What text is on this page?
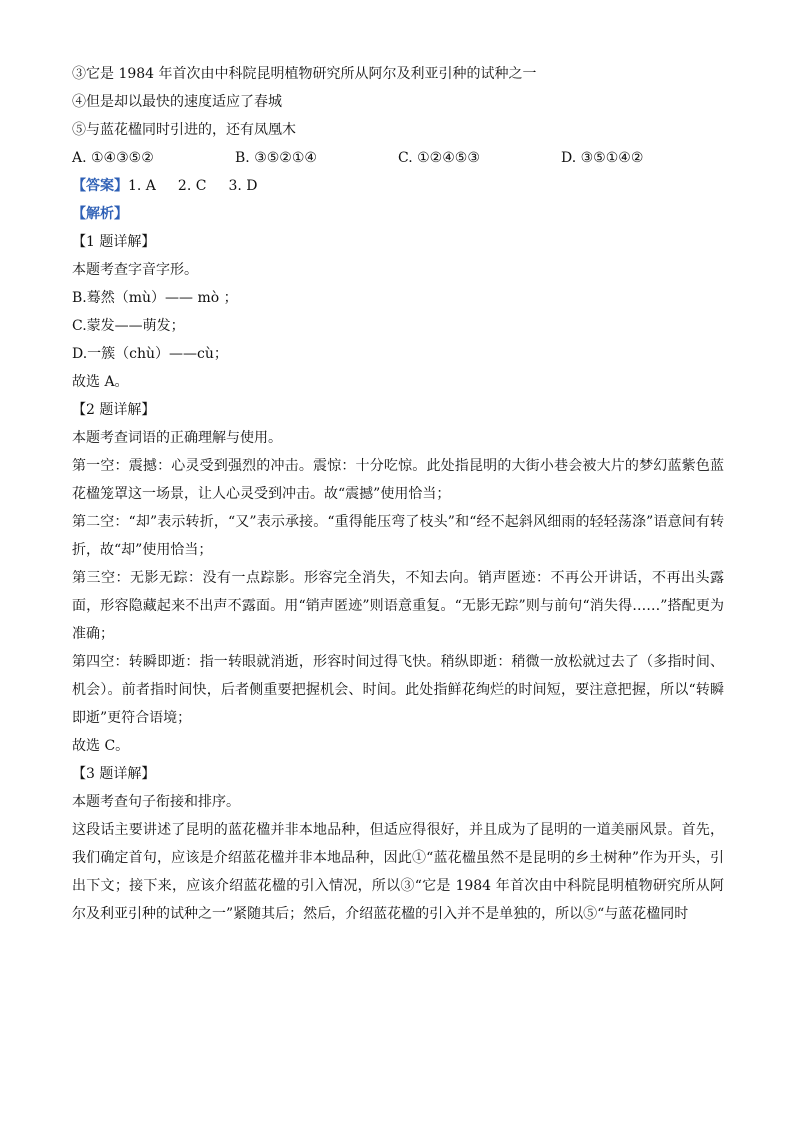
③它是 1984 年首次由中科院昆明植物研究所从阿尔及利亚引种的试种之一
④但是却以最快的速度适应了春城
⑤与蓝花楹同时引进的，还有凤凰木
A. ①④③⑤②	B. ③⑤②①④	C. ①②④⑤③	D. ③⑤①④②
【答案】1. A 2. C 3. D
【解析】
【1 题详解】
本题考查字音字形。
B.蓦然（mù）—— mò ；
C.蒙发——萌发；
D.一簇（chù）——cù；
故选 A。
【2 题详解】
本题考查词语的正确理解与使用。
第一空：震撼：心灵受到强烈的冲击。震惊：十分吃惊。此处指昆明的大街小巷会被大片的梦幻蓝紫色蓝花楹笼罩这一场景，让人心灵受到冲击。故“震撼”使用恰当；
第二空：“却”表示转折，“又”表示承接。“重得能压弯了枝头”和“经不起斜风细雨的轻轻荡涤”语意间有转折，故“却”使用恰当；
第三空：无影无踪：没有一点踪影。形容完全消失，不知去向。销声匿迹：不再公开讲话，不再出头露面，形容隐藏起来不出声不露面。用“销声匿迹”则语意重复。“无影无踪”则与前句“消失得……”搭配更为准确；
第四空：转瞬即逝：指一转眼就消逝，形容时间过得飞快。稍纵即逝：稍微一放松就过去了（多指时间、机会）。前者指时间快，后者侧重要把握机会、时间。此处指鲜花绚烂的时间短，要注意把握，所以“转瞬即逝”更符合语境；
故选 C。
【3 题详解】
本题考查句子衔接和排序。
这段话主要讲述了昆明的蓝花楹并非本地品种，但适应得很好，并且成为了昆明的一道美丽风景。首先，我们确定首句，应该是介绍蓝花楹并非本地品种，因此①“蓝花楹虽然不是昆明的乡土树种”作为开头，引出下文；接下来，应该介绍蓝花楹的引入情况，所以③“它是 1984 年首次由中科院昆明植物研究所从阿尔及利亚引种的试种之一”紧随其后；然后，介绍蓝花楹的引入并不是单独的，所以⑤“与蓝花楹同时
